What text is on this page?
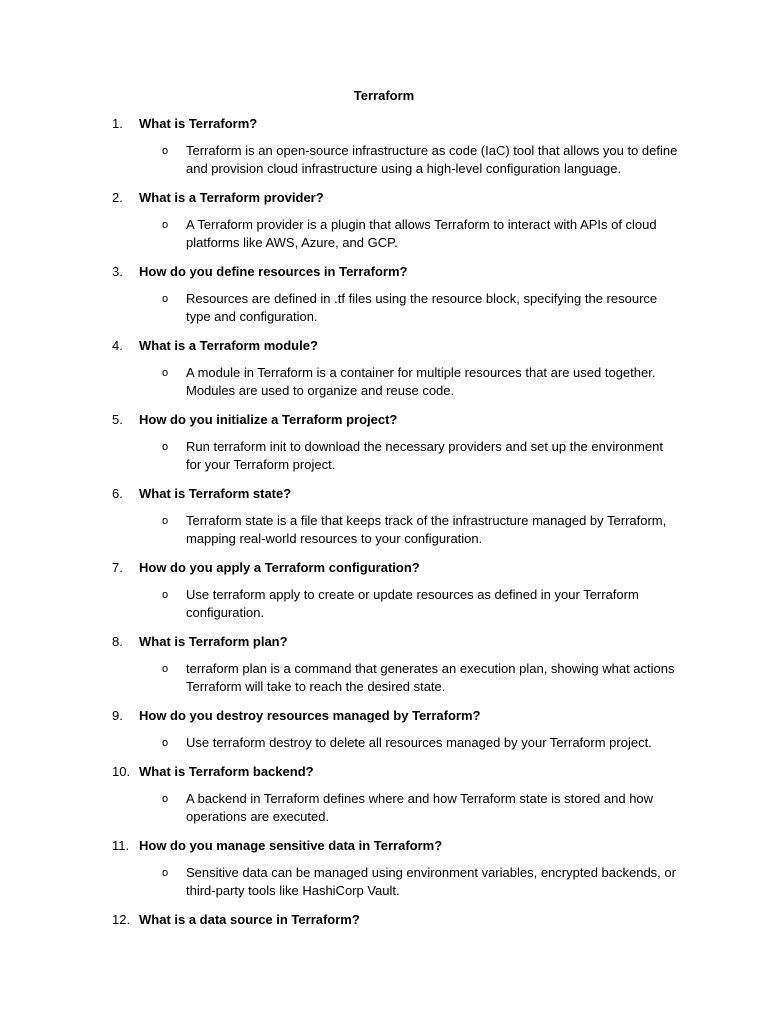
Terraform
1.	What is Terraform?
o Terraform is an open-source infrastructure as code (IaC) tool that allows you to define and provision cloud infrastructure using a high-level configuration language.
2.	What is a Terraform provider?
o A Terraform provider is a plugin that allows Terraform to interact with APIs of cloud platforms like AWS, Azure, and GCP.
3.	How do you define resources in Terraform?
o Resources are defined in .tf files using the resource block, specifying the resource type and configuration.
4.	What is a Terraform module?
o A module in Terraform is a container for multiple resources that are used together. Modules are used to organize and reuse code.
5.	How do you initialize a Terraform project?
o Run terraform init to download the necessary providers and set up the environment for your Terraform project.
6.	What is Terraform state?
o Terraform state is a file that keeps track of the infrastructure managed by Terraform, mapping real-world resources to your configuration.
7.	How do you apply a Terraform configuration?
o Use terraform apply to create or update resources as defined in your Terraform configuration.
8.	What is Terraform plan?
o terraform plan is a command that generates an execution plan, showing what actions Terraform will take to reach the desired state.
9.	How do you destroy resources managed by Terraform?
o Use terraform destroy to delete all resources managed by your Terraform project.
10. What is Terraform backend?
o A backend in Terraform defines where and how Terraform state is stored and how operations are executed.
11. How do you manage sensitive data in Terraform?
o Sensitive data can be managed using environment variables, encrypted backends, or third-party tools like HashiCorp Vault.
12. What is a data source in Terraform?
